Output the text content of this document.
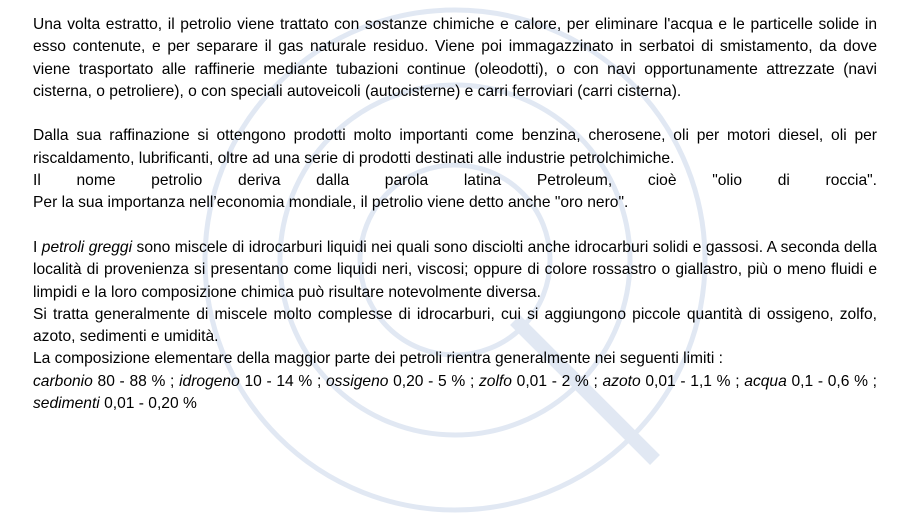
Una volta estratto, il petrolio viene trattato con sostanze chimiche e calore, per eliminare l'acqua e le particelle solide in esso contenute, e per separare il gas naturale residuo. Viene poi immagazzinato in serbatoi di smistamento, da dove viene trasportato alle raffinerie mediante tubazioni continue (oleodotti), o con navi opportunamente attrezzate (navi cisterna, o petroliere), o con speciali autoveicoli (autocisterne) e carri ferroviari (carri cisterna).

Dalla sua raffinazione si ottengono prodotti molto importanti come benzina, cherosene, oli per motori diesel, oli per riscaldamento, lubrificanti, oltre ad una serie di prodotti destinati alle industrie petrolchimiche.

Il nome petrolio deriva dalla parola latina Petroleum, cioè "olio di roccia".

Per la sua importanza nell’economia mondiale, il petrolio viene detto anche "oro nero".

I petroli greggi sono miscele di idrocarburi liquidi nei quali sono disciolti anche idrocarburi solidi e gassosi. A seconda della località di provenienza si presentano come liquidi neri, viscosi; oppure di colore rossastro o giallastro, più o meno fluidi e limpidi e la loro composizione chimica può risultare notevolmente diversa.

Si tratta generalmente di miscele molto complesse di idrocarburi, cui si aggiungono piccole quantità di ossigeno, zolfo, azoto, sedimenti e umidità.

La composizione elementare della maggior parte dei petroli rientra generalmente nei seguenti limiti :

carbonio 80 - 88 % ; idrogeno 10 - 14 % ; ossigeno 0,20 - 5 % ; zolfo 0,01 - 2 % ; azoto 0,01 - 1,1 % ; acqua 0,1 - 0,6 % ; sedimenti 0,01 - 0,20 %
